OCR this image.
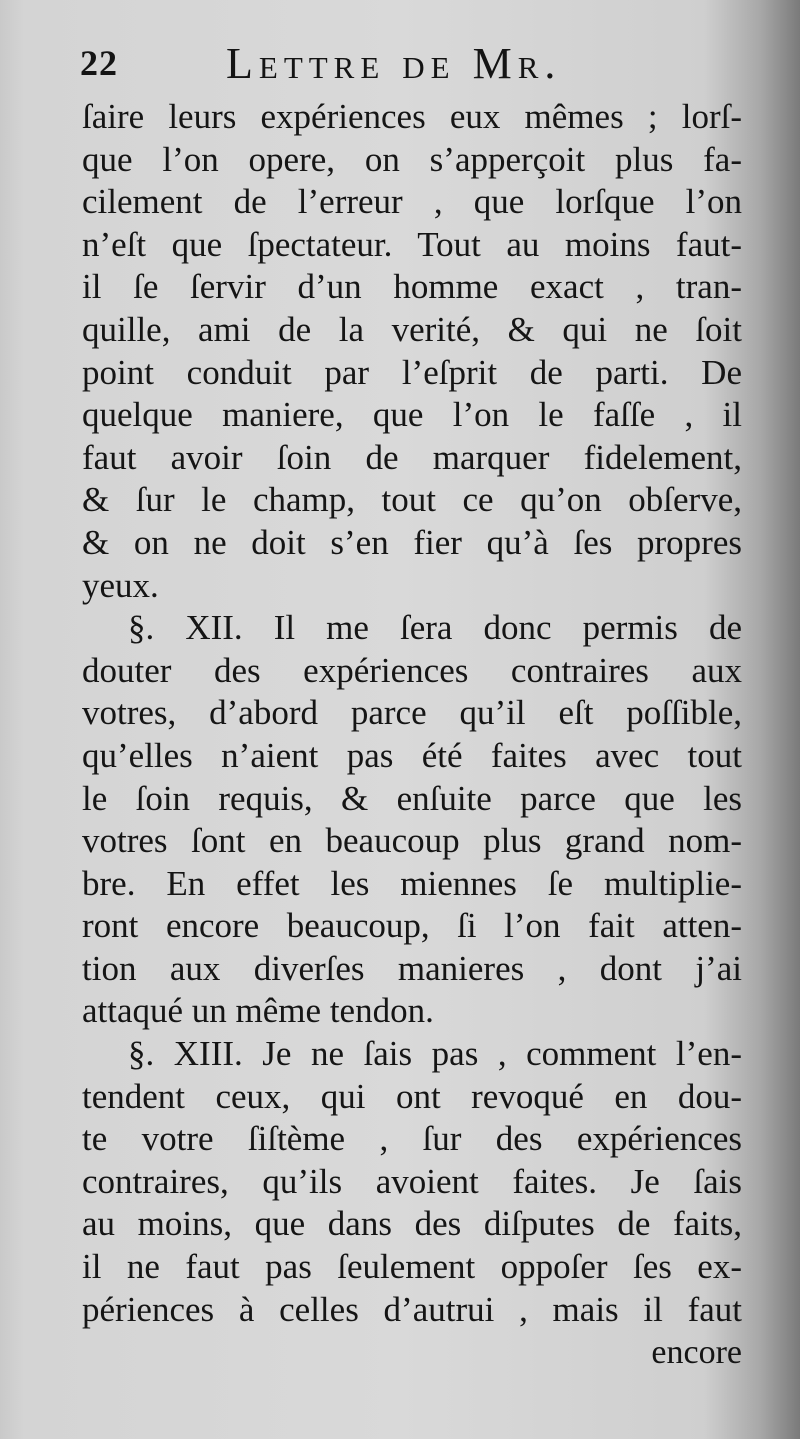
22 Lettre de Mr.
ſaire leurs expériences eux mêmes ; lorſ-
que l’on opere, on s’apperçoit plus fa-
cilement de l’erreur , que lorſque l’on
n’eſt que ſpectateur. Tout au moins faut-
il ſe ſervir d’un homme exact , tran-
quille, ami de la verité, & qui ne ſoit
point conduit par l’eſprit de parti. De
quelque maniere, que l’on le faſſe , il
faut avoir ſoin de marquer fidelement,
& ſur le champ, tout ce qu’on obſerve,
& on ne doit s’en fier qu’à ſes propres
yeux.
§. XII. Il me ſera donc permis de
douter des expériences contraires aux
votres, d’abord parce qu’il eſt poſſible,
qu’elles n’aient pas été faites avec tout
le ſoin requis, & enſuite parce que les
votres ſont en beaucoup plus grand nom-
bre. En effet les miennes ſe multiplie-
ront encore beaucoup, ſi l’on fait atten-
tion aux diverſes manieres , dont j’ai
attaqué un même tendon.
§. XIII. Je ne ſais pas , comment l’en-
tendent ceux, qui ont revoqué en dou-
te votre ſiſtème , ſur des expériences
contraires, qu’ils avoient faites. Je ſais
au moins, que dans des diſputes de faits,
il ne faut pas ſeulement oppoſer ſes ex-
périences à celles d’autrui , mais il faut
encore
